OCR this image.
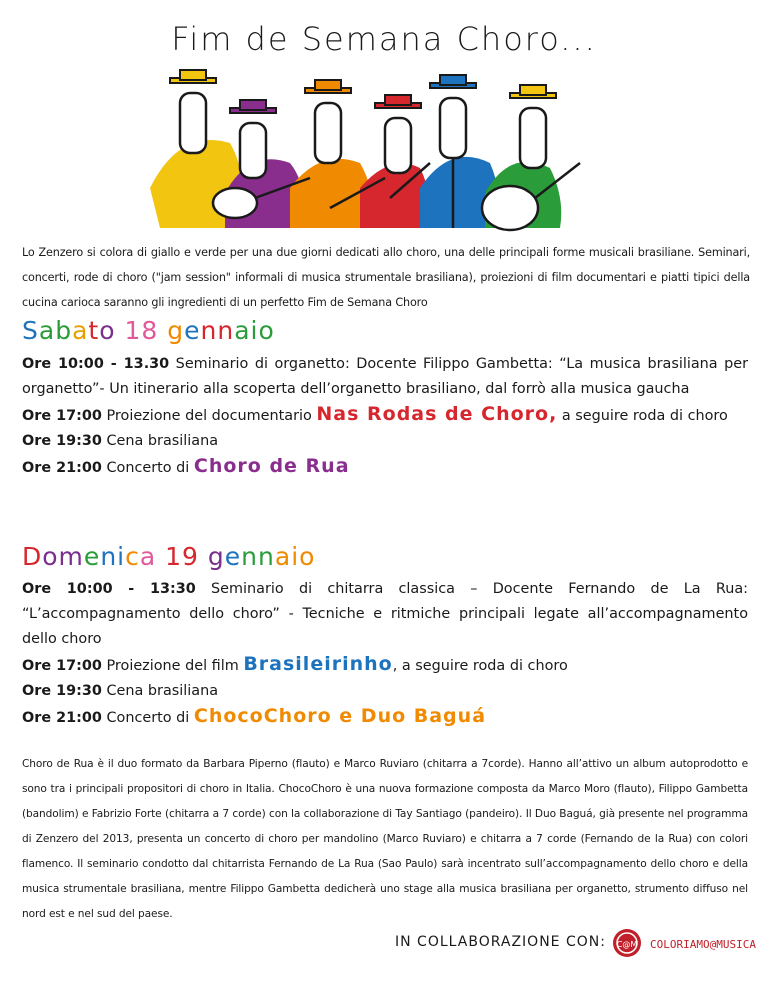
Fim de Semana Choro...
Lo Zenzero si colora di giallo e verde per una due giorni dedicati allo choro, una delle principali forme musicali brasiliane. Seminari, concerti, rode di choro ("jam session" informali di musica strumentale brasiliana), proiezioni di film documentari e piatti tipici della cucina carioca saranno gli ingredienti di un perfetto Fim de Semana Choro
Sabato 18 gennaio
Ore 10:00 - 13.30 Seminario di organetto: Docente Filippo Gambetta: “La musica brasiliana per organetto”- Un itinerario alla scoperta dell’organetto brasiliano, dal forrò alla musica gaucha
Ore 17:00 Proiezione del documentario Nas Rodas de Choro, a seguire roda di choro
Ore 19:30 Cena brasiliana
Ore 21:00 Concerto di Choro de Rua
Domenica 19 gennaio
Ore 10:00 - 13:30 Seminario di chitarra classica – Docente Fernando de La Rua: “L’accompagnamento dello choro” - Tecniche e ritmiche principali legate all’accompagnamento dello choro
Ore 17:00 Proiezione del film Brasileirinho, a seguire roda di choro
Ore 19:30 Cena brasiliana
Ore 21:00 Concerto di ChocoChoro e Duo Baguá
Choro de Rua è il duo formato da Barbara Piperno (flauto) e Marco Ruviaro (chitarra a 7corde). Hanno all’attivo un album autoprodotto e sono tra i principali propositori di choro in Italia. ChocoChoro è una nuova formazione composta da Marco Moro (flauto), Filippo Gambetta (bandolim) e Fabrizio Forte (chitarra a 7 corde) con la collaborazione di Tay Santiago (pandeiro). Il Duo Baguá, già presente nel programma di Zenzero del 2013, presenta un concerto di choro per mandolino (Marco Ruviaro) e chitarra a 7 corde (Fernando de la Rua) con colori flamenco. Il seminario condotto dal chitarrista Fernando de La Rua (Sao Paulo) sarà incentrato sull’accompagnamento dello choro e della musica strumentale brasiliana, mentre Filippo Gambetta dedicherà uno stage alla musica brasiliana per organetto, strumento diffuso nel nord est e nel sud del paese.
IN COLLABORAZIONE CON: C@M COLORIAMO@MUSICA
